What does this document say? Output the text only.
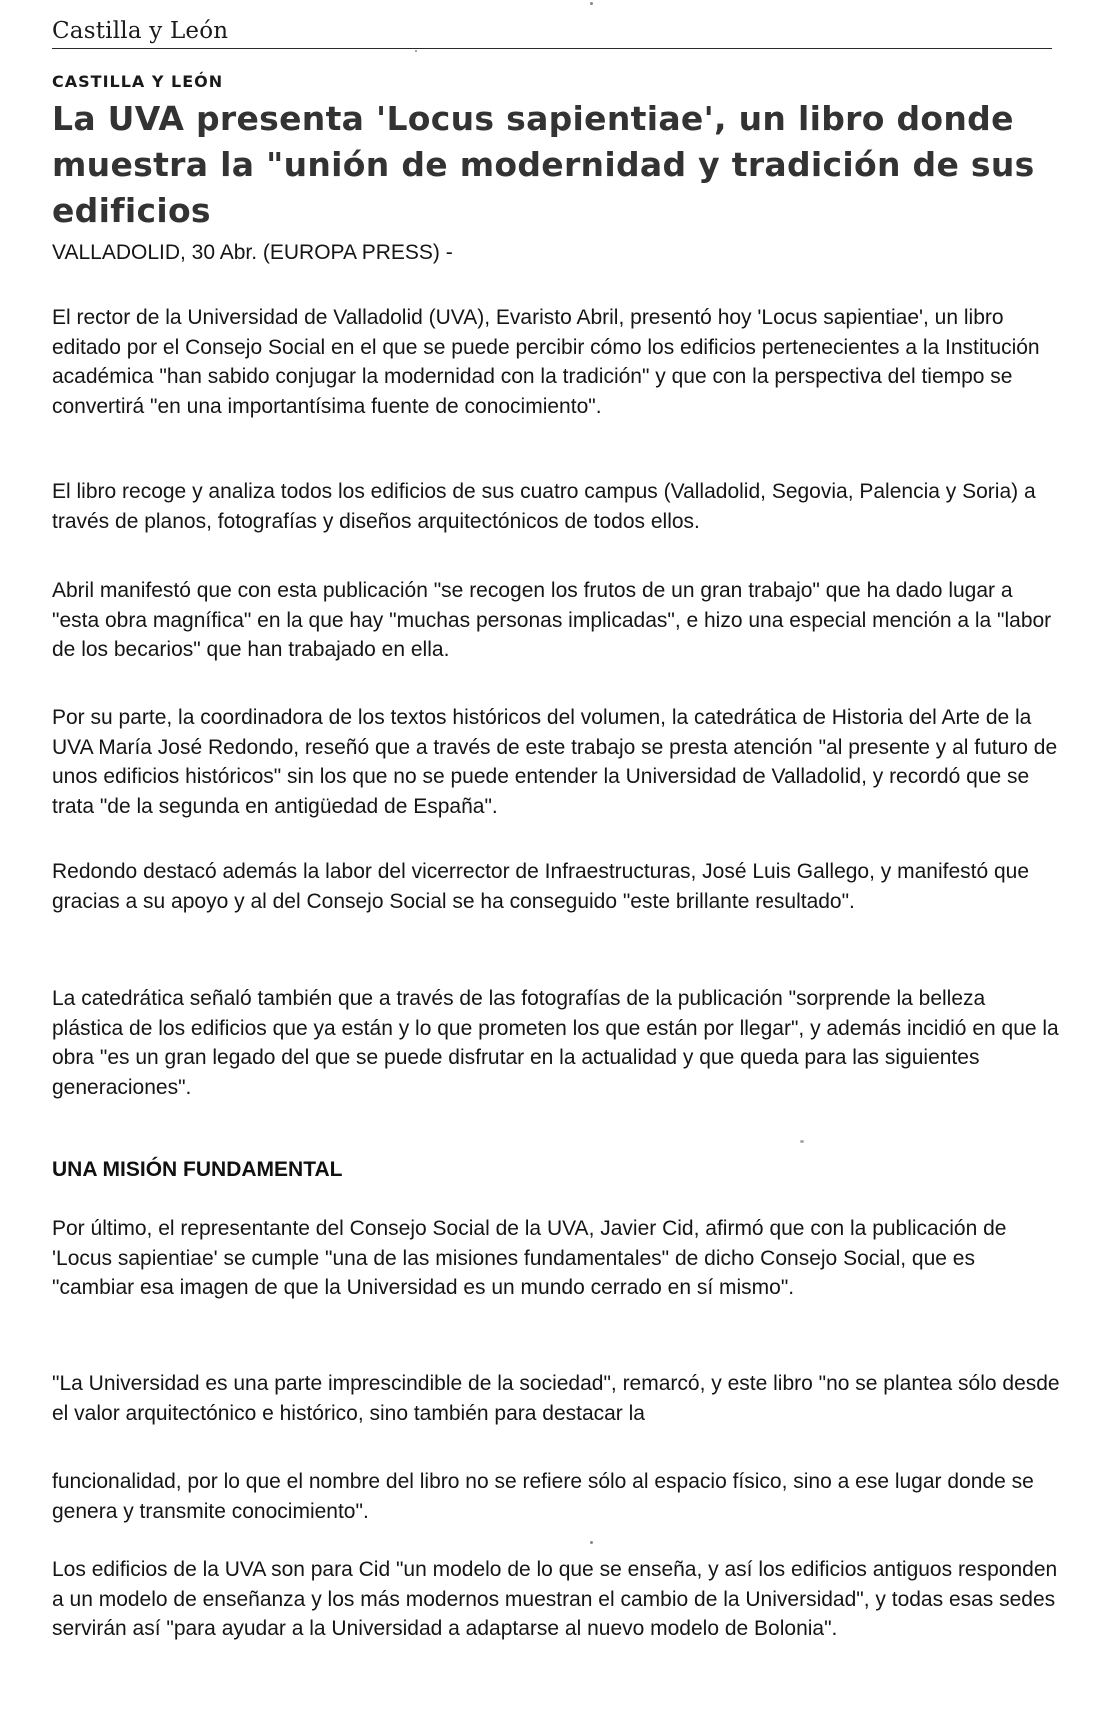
Castilla y León
CASTILLA Y LEÓN
La UVA presenta 'Locus sapientiae', un libro donde muestra la "unión de modernidad y tradición de sus edificios
VALLADOLID, 30 Abr. (EUROPA PRESS) -

El rector de la Universidad de Valladolid (UVA), Evaristo Abril, presentó hoy 'Locus sapientiae', un libro editado por el Consejo Social en el que se puede percibir cómo los edificios pertenecientes a la Institución académica "han sabido conjugar la modernidad con la tradición" y que con la perspectiva del tiempo se convertirá "en una importantísima fuente de conocimiento".

El libro recoge y analiza todos los edificios de sus cuatro campus (Valladolid, Segovia, Palencia y Soria) a través de planos, fotografías y diseños arquitectónicos de todos ellos.

Abril manifestó que con esta publicación "se recogen los frutos de un gran trabajo" que ha dado lugar a "esta obra magnífica" en la que hay "muchas personas implicadas", e hizo una especial mención a la "labor de los becarios" que han trabajado en ella.

Por su parte, la coordinadora de los textos históricos del volumen, la catedrática de Historia del Arte de la UVA María José Redondo, reseñó que a través de este trabajo se presta atención "al presente y al futuro de unos edificios históricos" sin los que no se puede entender la Universidad de Valladolid, y recordó que se trata "de la segunda en antigüedad de España".

Redondo destacó además la labor del vicerrector de Infraestructuras, José Luis Gallego, y manifestó que gracias a su apoyo y al del Consejo Social se ha conseguido "este brillante resultado".

La catedrática señaló también que a través de las fotografías de la publicación "sorprende la belleza plástica de los edificios que ya están y lo que prometen los que están por llegar", y además incidió en que la obra "es un gran legado del que se puede disfrutar en la actualidad y que queda para las siguientes generaciones".

UNA MISIÓN FUNDAMENTAL

Por último, el representante del Consejo Social de la UVA, Javier Cid, afirmó que con la publicación de 'Locus sapientiae' se cumple "una de las misiones fundamentales" de dicho Consejo Social, que es "cambiar esa imagen de que la Universidad es un mundo cerrado en sí mismo".

"La Universidad es una parte imprescindible de la sociedad", remarcó, y este libro "no se plantea sólo desde el valor arquitectónico e histórico, sino también para destacar la

funcionalidad, por lo que el nombre del libro no se refiere sólo al espacio físico, sino a ese lugar donde se genera y transmite conocimiento".

Los edificios de la UVA son para Cid "un modelo de lo que se enseña, y así los edificios antiguos responden a un modelo de enseñanza y los más modernos muestran el cambio de la Universidad", y todas esas sedes servirán así "para ayudar a la Universidad a adaptarse al nuevo modelo de Bolonia".
